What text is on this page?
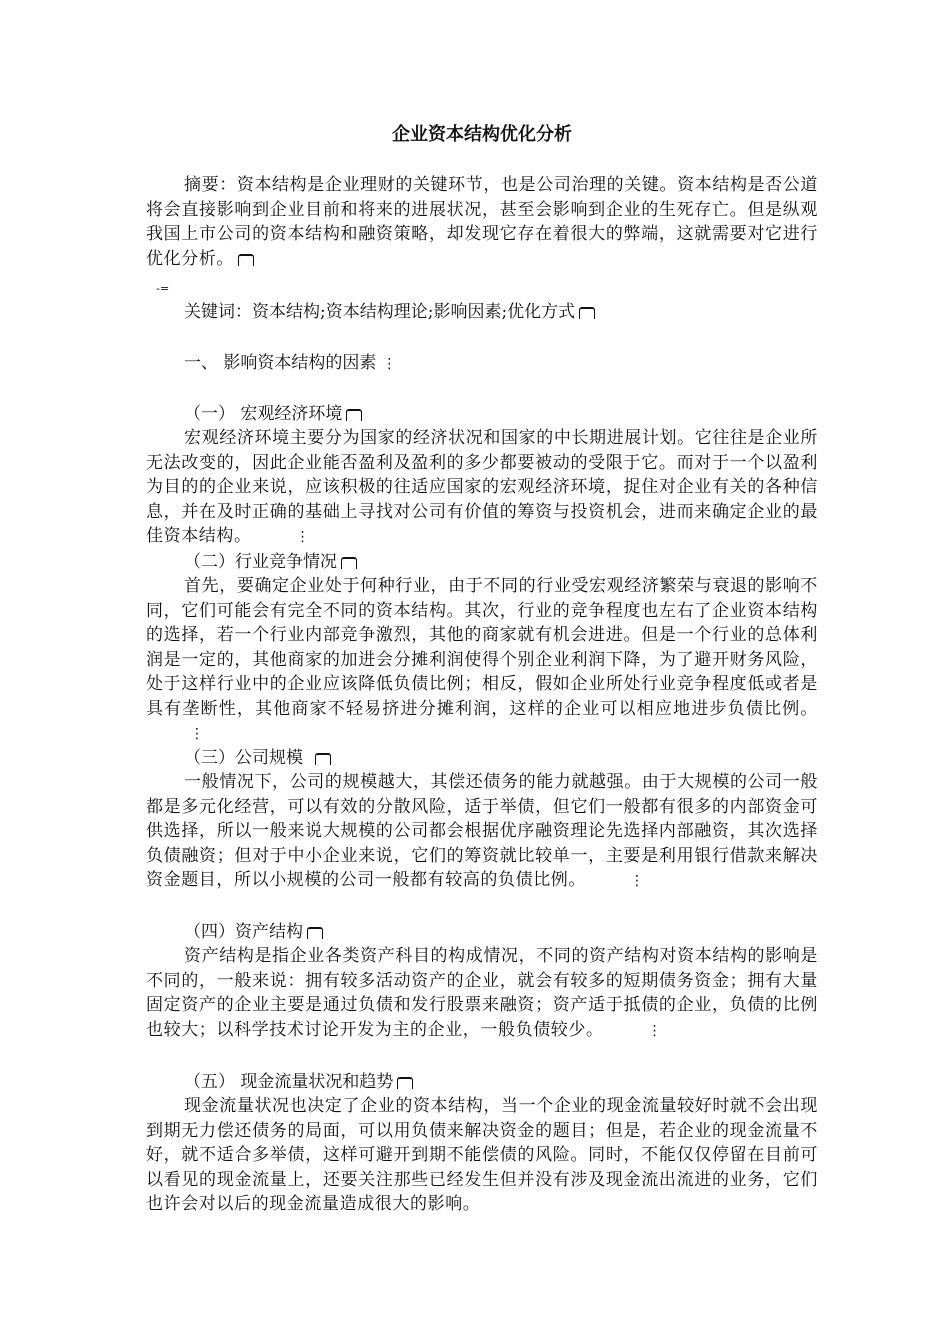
企业资本结构优化分析
摘要：资本结构是企业理财的关键环节，也是公司治理的关键。资本结构是否公道将会直接影响到企业目前和将来的进展状况，甚至会影响到企业的生死存亡。但是纵观我国上市公司的资本结构和融资策略，却发现它存在着很大的弊端，这就需要对它进行优化分析。
-=
关键词：资本结构;资本结构理论;影响因素;优化方式
一、 影响资本结构的因素 ⋮
（一） 宏观经济环境
宏观经济环境主要分为国家的经济状况和国家的中长期进展计划。它往往是企业所无法改变的，因此企业能否盈利及盈利的多少都要被动的受限于它。而对于一个以盈利为目的的企业来说，应该积极的往适应国家的宏观经济环境，捉住对企业有关的各种信息，并在及时正确的基础上寻找对公司有价值的筹资与投资机会，进而来确定企业的最佳资本结构。	⋮
（二）行业竞争情况
首先，要确定企业处于何种行业，由于不同的行业受宏观经济繁荣与衰退的影响不同，它们可能会有完全不同的资本结构。其次，行业的竞争程度也左右了企业资本结构的选择，若一个行业内部竞争激烈，其他的商家就有机会进进。但是一个行业的总体利润是一定的，其他商家的加进会分摊利润使得个别企业利润下降，为了避开财务风险，处于这样行业中的企业应该降低负债比例；相反，假如企业所处行业竞争程度低或者是具有垄断性，其他商家不轻易挤进分摊利润，这样的企业可以相应地进步负债比例。⋮
（三）公司规模
一般情况下，公司的规模越大，其偿还债务的能力就越强。由于大规模的公司一般都是多元化经营，可以有效的分散风险，适于举债，但它们一般都有很多的内部资金可供选择，所以一般来说大规模的公司都会根据优序融资理论先选择内部融资，其次选择负债融资；但对于中小企业来说，它们的筹资就比较单一，主要是利用银行借款来解决资金题目，所以小规模的公司一般都有较高的负债比例。	⋮
（四）资产结构
资产结构是指企业各类资产科目的构成情况，不同的资产结构对资本结构的影响是不同的，一般来说：拥有较多活动资产的企业，就会有较多的短期债务资金；拥有大量固定资产的企业主要是通过负债和发行股票来融资；资产适于抵债的企业，负债的比例也较大；以科学技术讨论开发为主的企业，一般负债较少。	⋮
（五） 现金流量状况和趋势
现金流量状况也决定了企业的资本结构，当一个企业的现金流量较好时就不会出现到期无力偿还债务的局面，可以用负债来解决资金的题目；但是，若企业的现金流量不好，就不适合多举债，这样可避开到期不能偿债的风险。同时，不能仅仅停留在目前可以看见的现金流量上，还要关注那些已经发生但并没有涉及现金流出流进的业务，它们也许会对以后的现金流量造成很大的影响。
